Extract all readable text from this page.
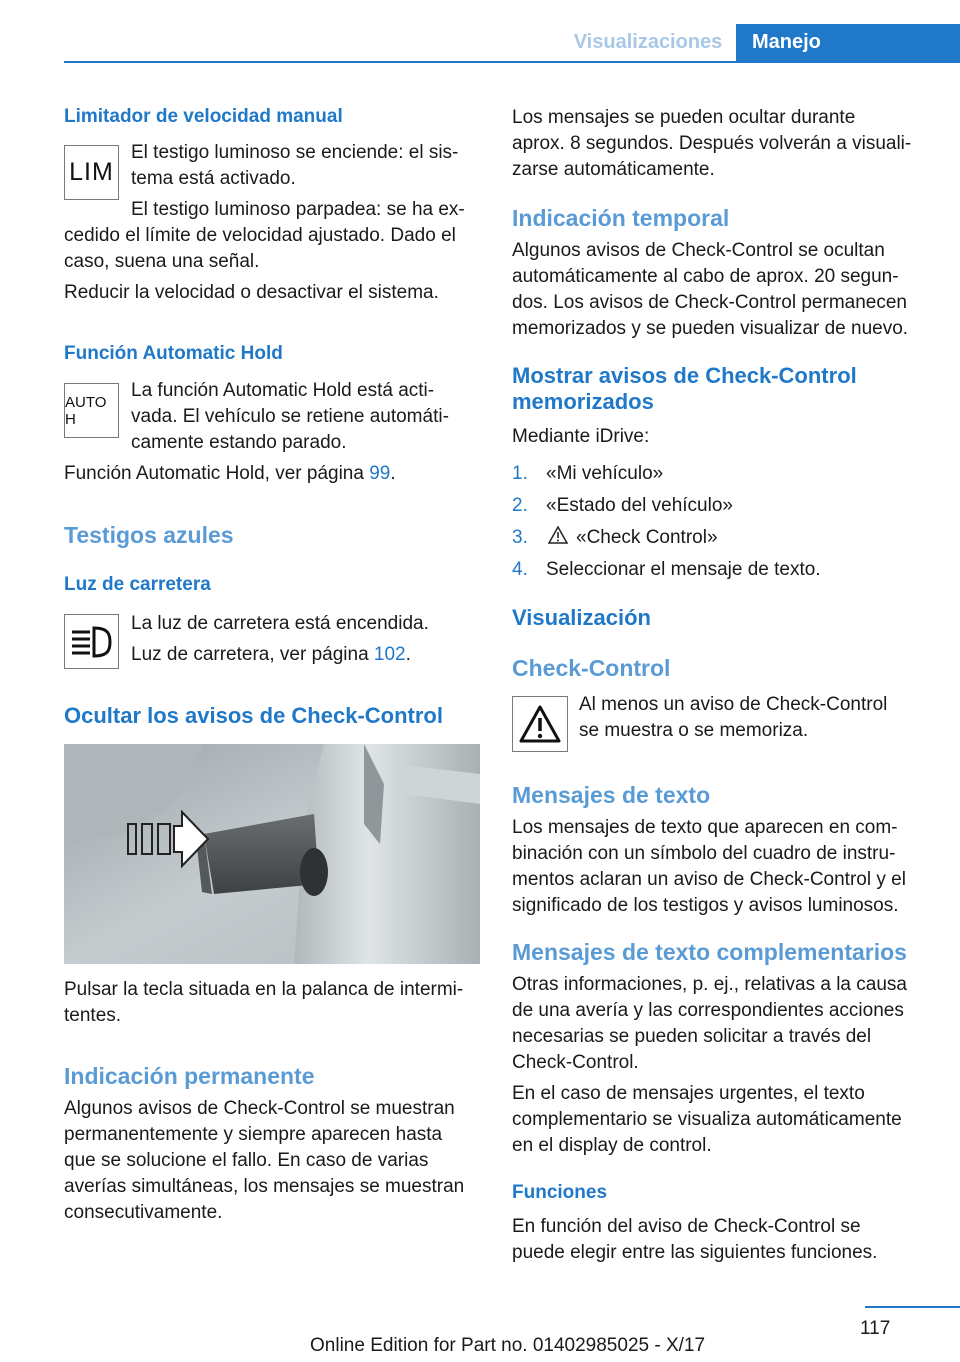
Visualizaciones	Manejo
Limitador de velocidad manual
LIM
El testigo luminoso se enciende: el sis‐
tema está activado.
El testigo luminoso parpadea: se ha ex‐
cedido el límite de velocidad ajustado. Dado el
caso, suena una señal.
Reducir la velocidad o desactivar el sistema.
Función Automatic Hold
AUTO H
La función Automatic Hold está acti‐
vada. El vehículo se retiene automáti‐
camente estando parado.
Función Automatic Hold, ver página 99.
Testigos azules
Luz de carretera
La luz de carretera está encendida.
Luz de carretera, ver página 102.
Ocultar los avisos de Check-Control
Pulsar la tecla situada en la palanca de intermi‐
tentes.
Indicación permanente
Algunos avisos de Check-Control se muestran
permanentemente y siempre aparecen hasta
que se solucione el fallo. En caso de varias
averías simultáneas, los mensajes se muestran
consecutivamente.
Los mensajes se pueden ocultar durante
aprox. 8 segundos. Después volverán a visuali‐
zarse automáticamente.
Indicación temporal
Algunos avisos de Check-Control se ocultan
automáticamente al cabo de aprox. 20 segun‐
dos. Los avisos de Check-Control permanecen
memorizados y se pueden visualizar de nuevo.
Mostrar avisos de Check-Control
memorizados
Mediante iDrive:
1. «Mi vehículo»
2. «Estado del vehículo»
3.	«Check Control»
4. Seleccionar el mensaje de texto.
Visualización
Check-Control
Al menos un aviso de Check-Control
se muestra o se memoriza.
Mensajes de texto
Los mensajes de texto que aparecen en com‐
binación con un símbolo del cuadro de instru‐
mentos aclaran un aviso de Check-Control y el
significado de los testigos y avisos luminosos.
Mensajes de texto complementarios
Otras informaciones, p. ej., relativas a la causa
de una avería y las correspondientes acciones
necesarias se pueden solicitar a través del
Check-Control.
En el caso de mensajes urgentes, el texto
complementario se visualiza automáticamente
en el display de control.
Funciones
En función del aviso de Check-Control se
puede elegir entre las siguientes funciones.
117
Online Edition for Part no. 01402985025 - X/17
